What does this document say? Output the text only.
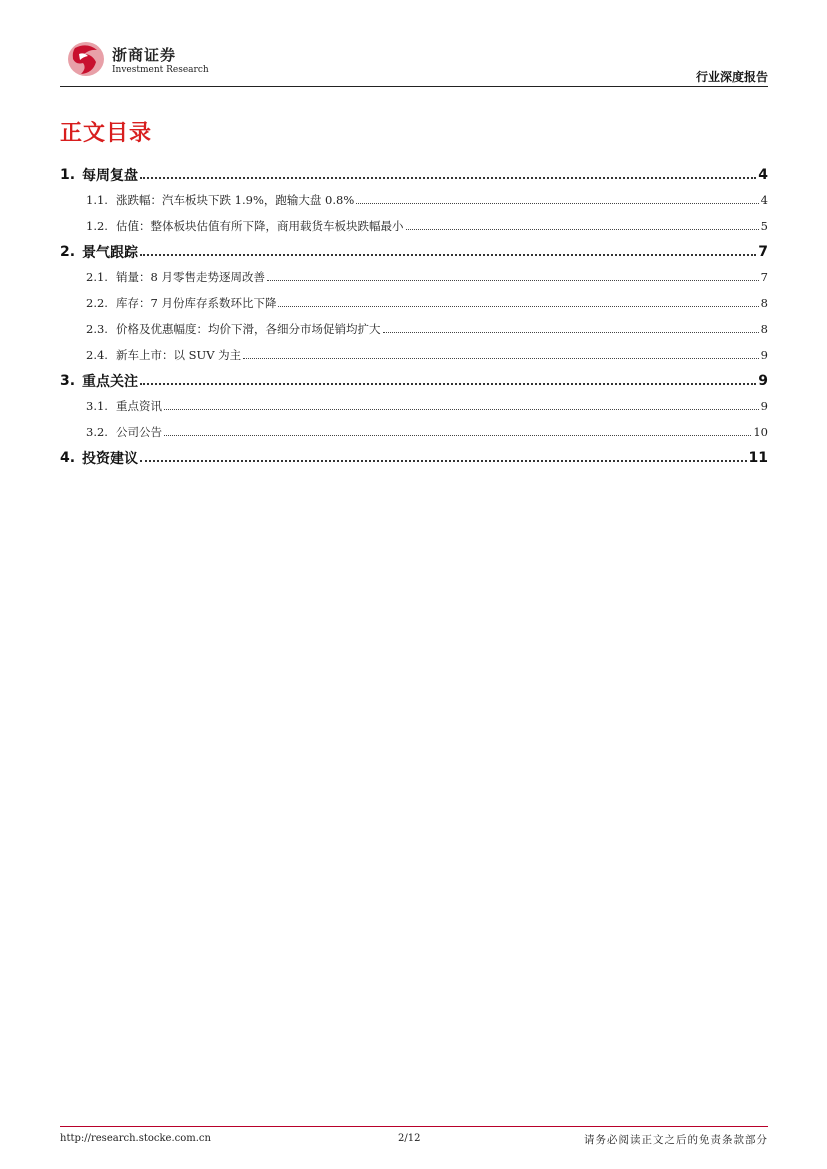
浙商证券
Investment Research	行业深度报告
正文目录
1. 每周复盘	4
1.1. 涨跌幅：汽车板块下跌 1.9%，跑输大盘 0.8%	4
1.2. 估值：整体板块估值有所下降，商用载货车板块跌幅最小	5
2. 景气跟踪	7
2.1. 销量：8 月零售走势逐周改善	7
2.2. 库存：7 月份库存系数环比下降	8
2.3. 价格及优惠幅度：均价下滑，各细分市场促销均扩大	8
2.4. 新车上市：以 SUV 为主	9
3. 重点关注	9
3.1. 重点资讯	9
3.2. 公司公告	10
4. 投资建议	11
http://research.stocke.com.cn	2/12	请务必阅读正文之后的免责条款部分
